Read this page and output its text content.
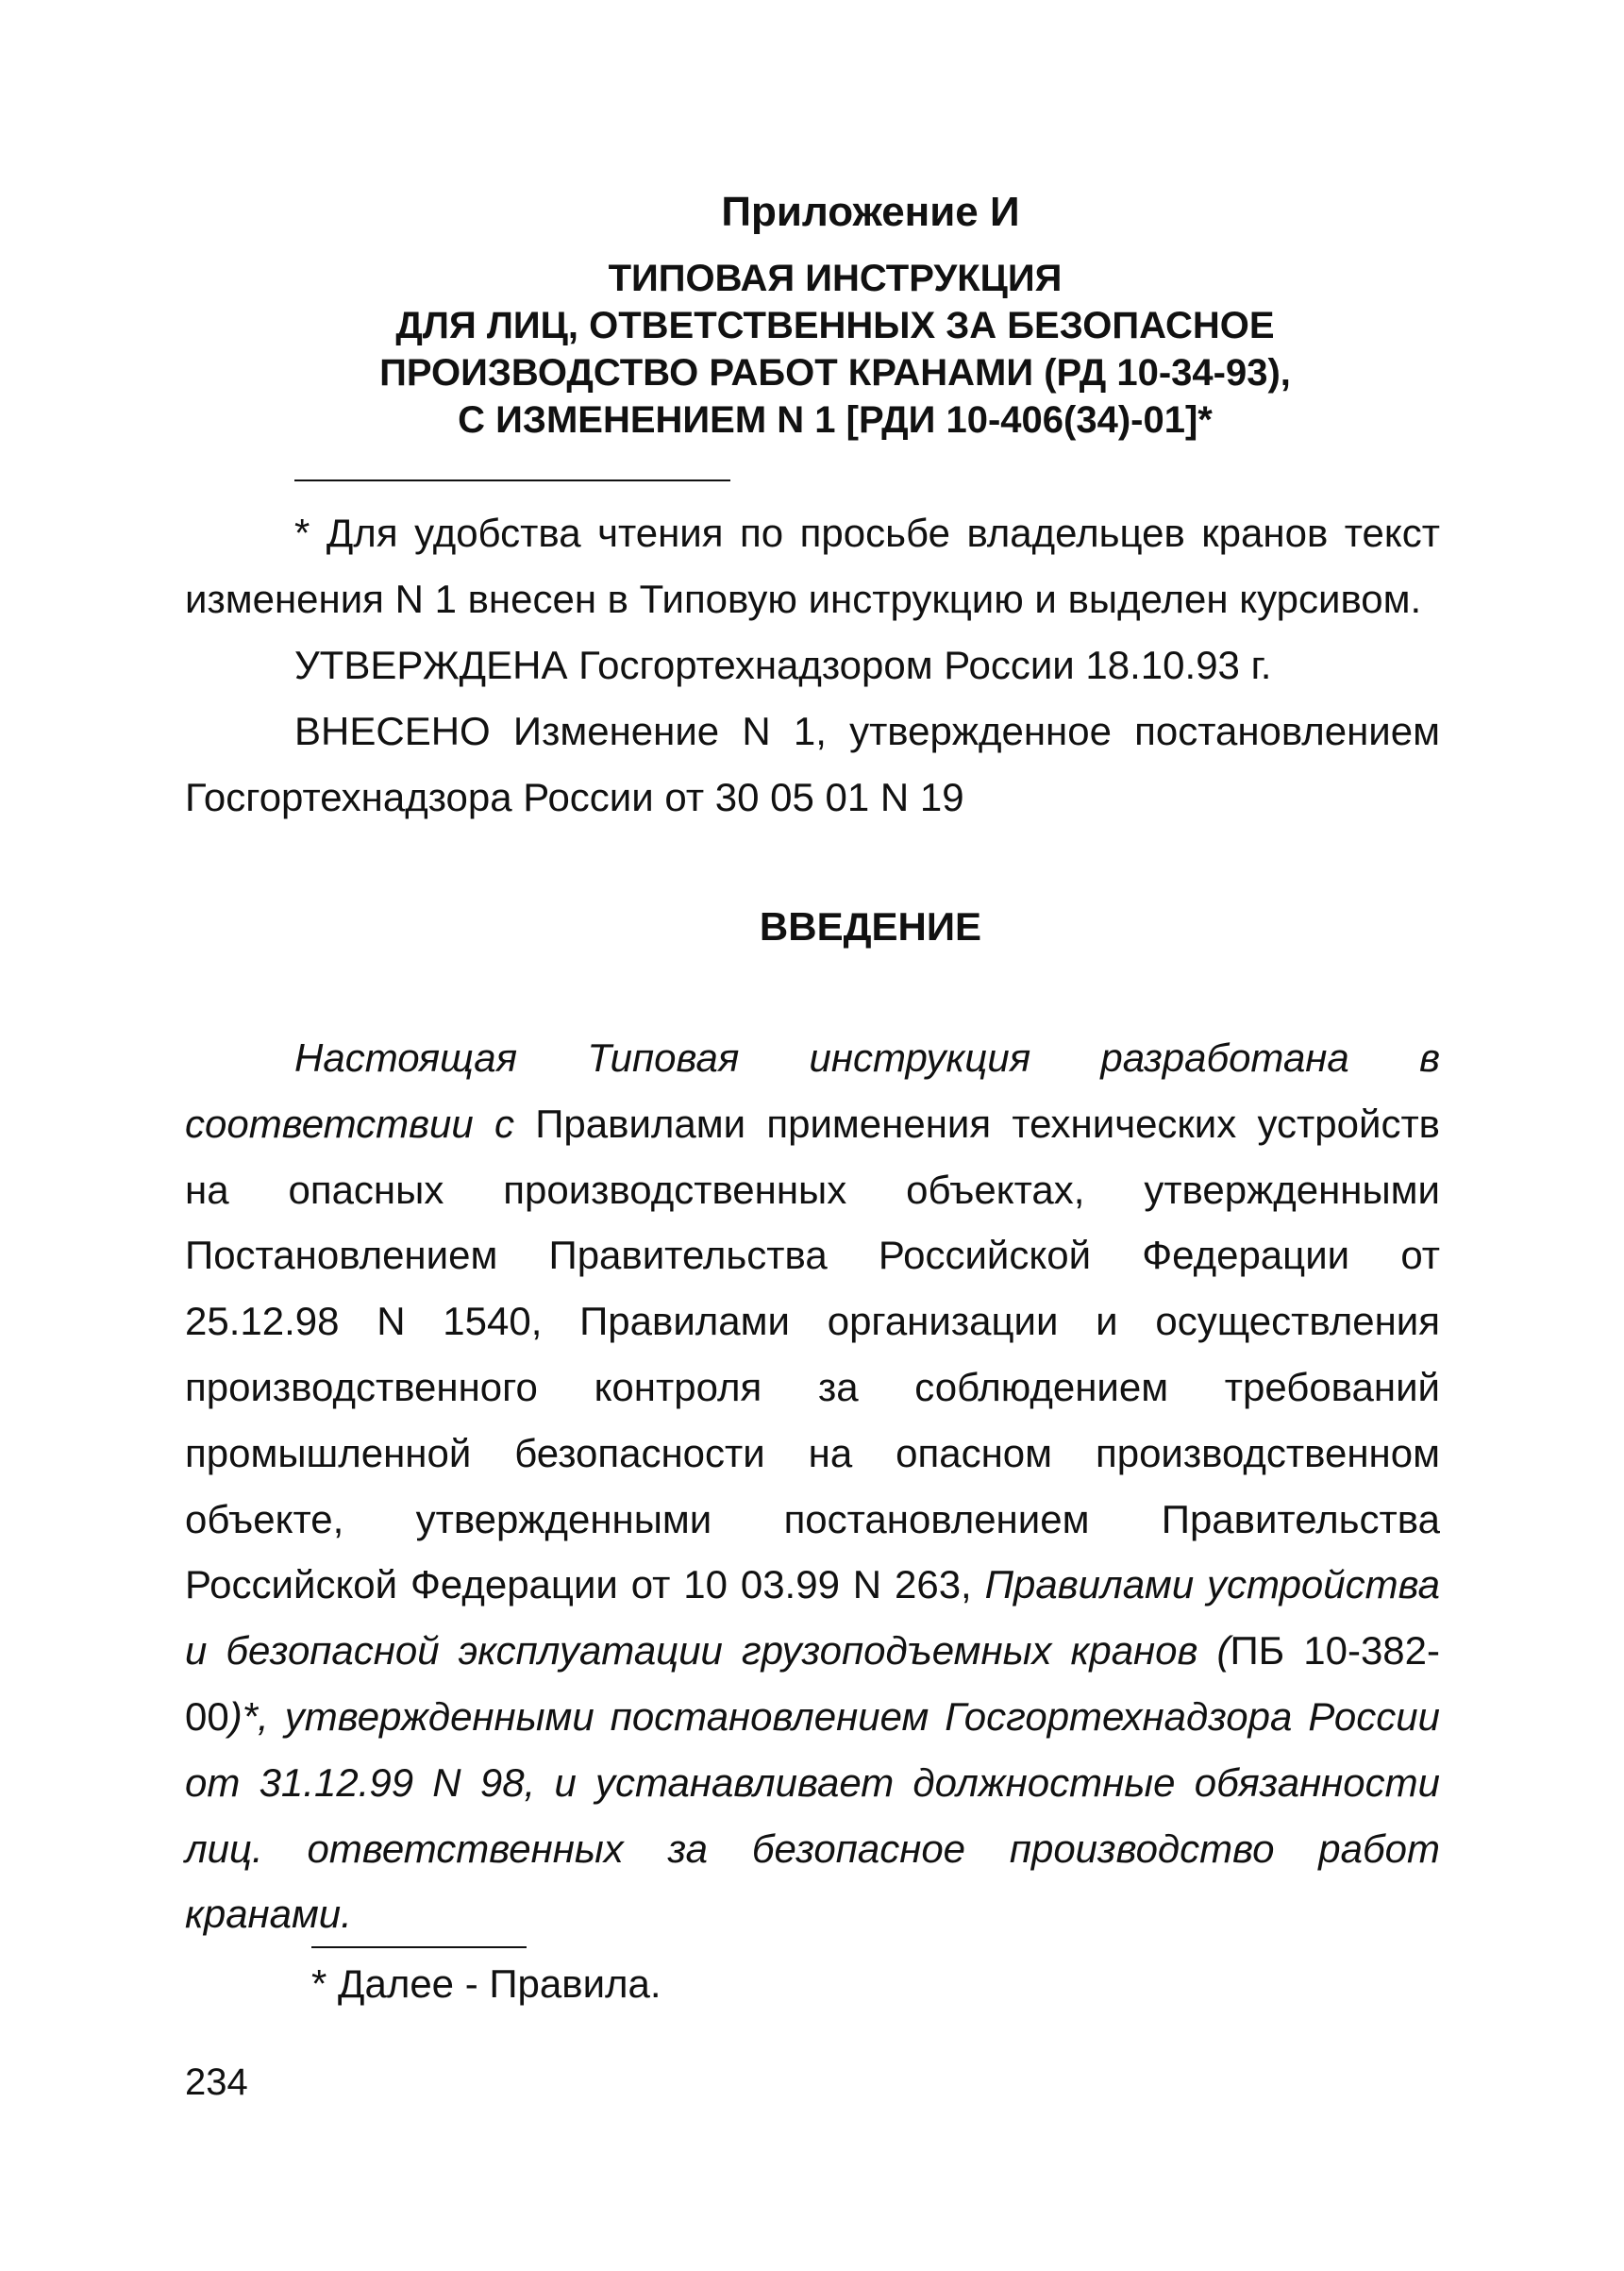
Приложение И
ТИПОВАЯ ИНСТРУКЦИЯ
ДЛЯ ЛИЦ, ОТВЕТСТВЕННЫХ ЗА БЕЗОПАСНОЕ
ПРОИЗВОДСТВО РАБОТ КРАНАМИ (РД 10-34-93),
С ИЗМЕНЕНИЕМ N 1 [РДИ 10-406(34)-01]*
* Для удобства чтения по просьбе владельцев кранов текст изменения N 1 внесен в Типовую инструкцию и выделен курсивом.
УТВЕРЖДЕНА Госгортехнадзором России 18.10.93 г.
ВНЕСЕНО Изменение N 1, утвержденное постановлением Госгортехнадзора России от 30 05 01 N 19
ВВЕДЕНИЕ
Настоящая Типовая инструкция разработана в соответствии с Правилами применения технических устройств на опасных производственных объектах, утвержденными Постановлением Правительства Российской Федерации от 25.12.98 N 1540, Правилами организации и осуществления производственного контроля за соблюдением требований промышленной безопасности на опасном производственном объекте, утвержденными постановлением Правительства Российской Федерации от 10 03.99 N 263, Правилами устройства и безопасной эксплуатации грузоподъемных кранов (ПБ 10-382-00)*, утвержденными постановлением Госгортехнадзора России от 31.12.99 N 98, и устанавливает должностные обязанности лиц. ответственных за безопасное производство работ кранами.
* Далее - Правила.
234
